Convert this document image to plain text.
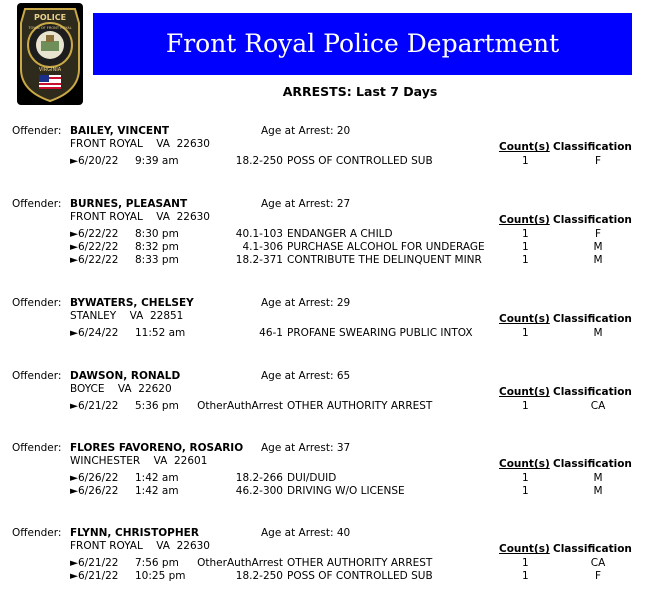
POLICE
TOWN OF FRONT ROYAL
VIRGINIA
Front Royal Police Department
ARRESTS: Last 7 Days
Offender: BAILEY, VINCENT	Age at Arrest: 20
FRONT ROYAL VA 22630	Count(s) Classification
►6/20/22 9:39 am	18.2-250 POSS OF CONTROLLED SUB	1	F
Offender: BURNES, PLEASANT	Age at Arrest: 27
FRONT ROYAL VA 22630	Count(s) Classification
►6/22/22 8:30 pm	40.1-103 ENDANGER A CHILD	1	F
►6/22/22 8:32 pm	4.1-306 PURCHASE ALCOHOL FOR UNDERAGE	1	M
►6/22/22 8:33 pm	18.2-371 CONTRIBUTE THE DELINQUENT MINR	1	M
Offender: BYWATERS, CHELSEY	Age at Arrest: 29
STANLEY VA 22851	Count(s) Classification
►6/24/22 11:52 am	46-1 PROFANE SWEARING PUBLIC INTOX	1	M
Offender: DAWSON, RONALD	Age at Arrest: 65
BOYCE VA 22620	Count(s) Classification
►6/21/22 5:36 pm OtherAuthArrest OTHER AUTHORITY ARREST	1	CA
Offender: FLORES FAVORENO, ROSARIO Age at Arrest: 37
WINCHESTER VA 22601	Count(s) Classification
►6/26/22 1:42 am	18.2-266 DUI/DUID	1	M
►6/26/22 1:42 am	46.2-300 DRIVING W/O LICENSE	1	M
Offender: FLYNN, CHRISTOPHER	Age at Arrest: 40
FRONT ROYAL VA 22630	Count(s) Classification
►6/21/22 7:56 pm OtherAuthArrest OTHER AUTHORITY ARREST	1	CA
►6/21/22 10:25 pm	18.2-250 POSS OF CONTROLLED SUB	1	F
